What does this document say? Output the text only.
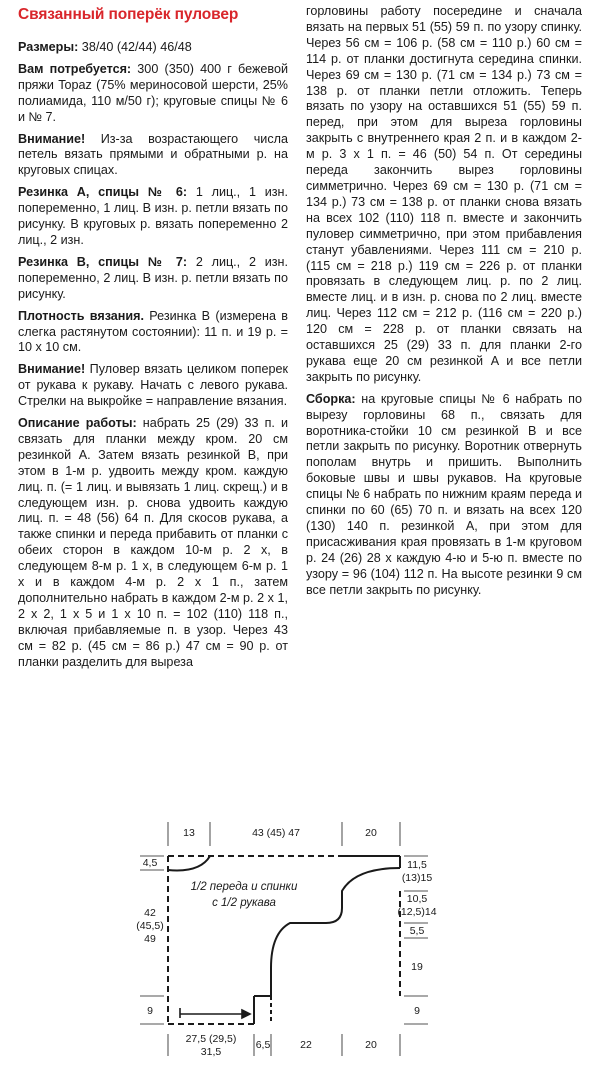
Связанный поперёк пуловер
Размеры: 38/40 (42/44) 46/48
Вам потребуется: 300 (350) 400 г бежевой пряжи Topaz (75% мериносовой шерсти, 25% полиамида, 110 м/50 г); круговые спицы № 6 и № 7.
Внимание! Из-за возрастающего числа петель вязать прямыми и обратными р. на круговых спицах.
Резинка A, спицы № 6: 1 лиц., 1 изн. попеременно, 1 лиц. В изн. р. петли вязать по рисунку. В круговых р. вязать попеременно 2 лиц., 2 изн.
Резинка B, спицы № 7: 2 лиц., 2 изн. попеременно, 2 лиц. В изн. р. петли вязать по рисунку.
Плотность вязания. Резинка B (измерена в слегка растянутом состоянии): 11 п. и 19 р. = 10 х 10 см.
Внимание! Пуловер вязать целиком поперек от рукава к рукаву. Начать с левого рукава. Стрелки на выкройке = направление вязания.
Описание работы: набрать 25 (29) 33 п. и связать для планки между кром. 20 см резинкой A. Затем вязать резинкой B, при этом в 1-м р. удвоить между кром. каждую лиц. п. (= 1 лиц. и вывязать 1 лиц. скрещ.) и в следующем изн. р. снова удвоить каждую лиц. п. = 48 (56) 64 п. Для скосов рукава, а также спинки и переда прибавить от планки с обеих сторон в каждом 10-м р. 2 х, в следующем 8-м р. 1 х, в следующем 6-м р. 1 х и в каждом 4-м р. 2 х 1 п., затем дополнительно набрать в каждом 2-м р. 2 х 1, 2 х 2, 1 х 5 и 1 х 10 п. = 102 (110) 118 п., включая прибавляемые п. в узор. Через 43 см = 82 р. (45 см = 86 р.) 47 см = 90 р. от планки разделить для выреза
горловины работу посередине и сначала вязать на первых 51 (55) 59 п. по узору спинку. Через 56 см = 106 р. (58 см = 110 р.) 60 см = 114 р. от планки достигнута середина спинки. Через 69 см = 130 р. (71 см = 134 р.) 73 см = 138 р. от планки петли отложить. Теперь вязать по узору на оставшихся 51 (55) 59 п. перед, при этом для выреза горловины закрыть с внутреннего края 2 п. и в каждом 2-м р. 3 х 1 п. = 46 (50) 54 п. От середины переда закончить вырез горловины симметрично. Через 69 см = 130 р. (71 см = 134 р.) 73 см = 138 р. от планки снова вязать на всех 102 (110) 118 п. вместе и закончить пуловер симметрично, при этом прибавления станут убавлениями. Через 111 см = 210 р. (115 см = 218 р.) 119 см = 226 р. от планки провязать в следующем лиц. р. по 2 лиц. вместе лиц. и в изн. р. снова по 2 лиц. вместе лиц. Через 112 см = 212 р. (116 см = 220 р.) 120 см = 228 р. от планки связать на оставшихся 25 (29) 33 п. для планки 2-го рукава еще 20 см резинкой A и все петли закрыть по рисунку.
Сборка: на круговые спицы № 6 набрать по вырезу горловины 68 п., связать для воротника-стойки 10 см резинкой B и все петли закрыть по рисунку. Воротник отвернуть пополам внутрь и пришить. Выполнить боковые швы и швы рукавов. На круговые спицы № 6 набрать по нижним краям переда и спинки по 60 (65) 70 п. и вязать на всех 120 (130) 140 п. резинкой A, при этом для присасживания края провязать в 1-м круговом р. 24 (26) 28 х каждую 4-ю и 5-ю п. вместе по узору = 96 (104) 112 п. На высоте резинки 9 см все петли закрыть по рисунку.
1/2 переда и спинки
с 1/2 рукава
13	43 (45) 47	20
4,5
42
(45,5)
49
9
11,5
(13)15
10,5
(12,5)14
5,5
19
9
27,5 (29,5)
31,5
6,5	22	20
